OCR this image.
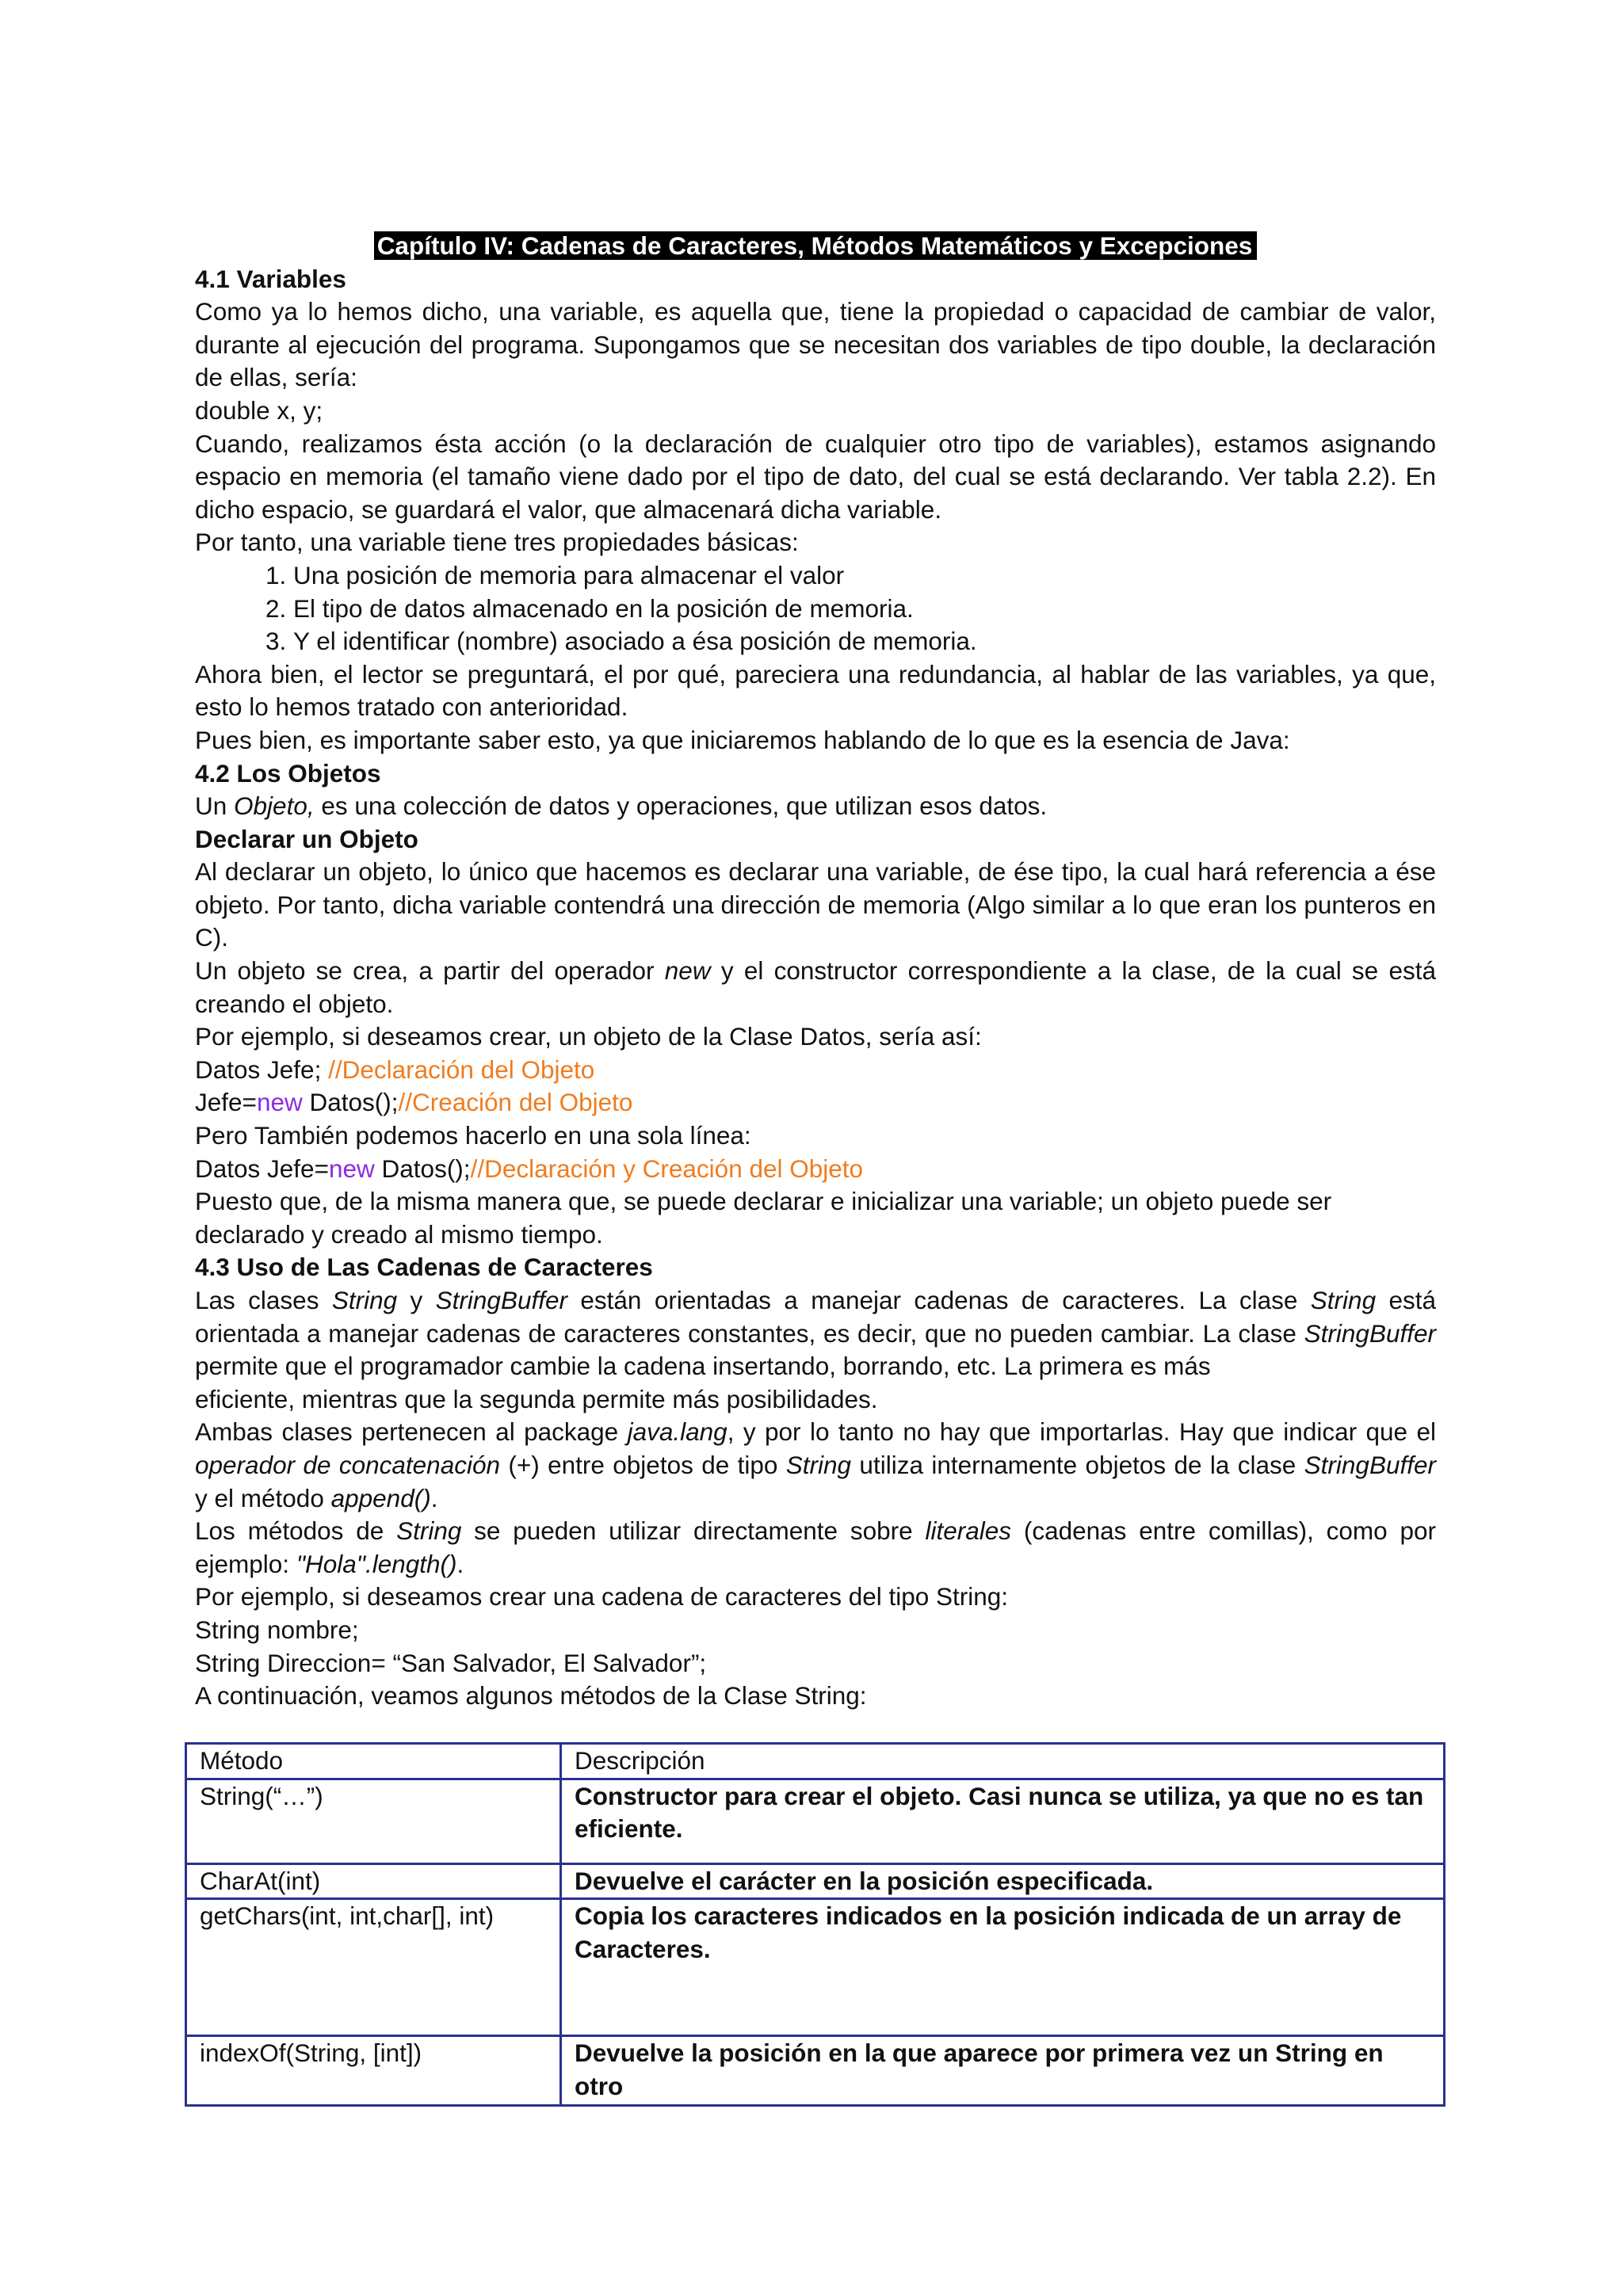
Capítulo IV: Cadenas de Caracteres, Métodos Matemáticos y Excepciones

4.1 Variables

Como ya lo hemos dicho, una variable, es aquella que, tiene la propiedad o capacidad de cambiar de valor, durante al ejecución del programa. Supongamos que se necesitan dos variables de tipo double, la declaración de ellas, sería:

double x, y;

Cuando, realizamos ésta acción (o la declaración de cualquier otro tipo de variables), estamos asignando espacio en memoria (el tamaño viene dado por el tipo de dato, del cual se está declarando. Ver tabla 2.2). En dicho espacio, se guardará el valor, que almacenará dicha variable.

Por tanto, una variable tiene tres propiedades básicas:

1. Una posición de memoria para almacenar el valor
2. El tipo de datos almacenado en la posición de memoria.
3. Y el identificar (nombre) asociado a ésa posición de memoria.

Ahora bien, el lector se preguntará, el por qué, pareciera una redundancia, al hablar de las variables, ya que, esto lo hemos tratado con anterioridad.

Pues bien, es importante saber esto, ya que iniciaremos hablando de lo que es la esencia de Java:

4.2 Los Objetos

Un Objeto, es una colección de datos y operaciones, que utilizan esos datos.

Declarar un Objeto

Al declarar un objeto, lo único que hacemos es declarar una variable, de ése tipo, la cual hará referencia a ése objeto. Por tanto, dicha variable contendrá una dirección de memoria (Algo similar a lo que eran los punteros en C).

Un objeto se crea, a partir del operador new y el constructor correspondiente a la clase, de la cual se está creando el objeto.

Por ejemplo, si deseamos crear, un objeto de la Clase Datos, sería así:

Datos Jefe; //Declaración del Objeto

Jefe=new Datos();//Creación del Objeto

Pero También podemos hacerlo en una sola línea:

Datos Jefe=new Datos();//Declaración y Creación del Objeto

Puesto que, de la misma manera que, se puede declarar e inicializar una variable; un objeto puede ser declarado y creado al mismo tiempo.

4.3 Uso de Las Cadenas de Caracteres

Las clases String y StringBuffer están orientadas a manejar cadenas de caracteres. La clase String está orientada a manejar cadenas de caracteres constantes, es decir, que no pueden cambiar. La clase StringBuffer permite que el programador cambie la cadena insertando, borrando, etc. La primera es más

eficiente, mientras que la segunda permite más posibilidades.

Ambas clases pertenecen al package java.lang, y por lo tanto no hay que importarlas. Hay que indicar que el operador de concatenación (+) entre objetos de tipo String utiliza internamente objetos de la clase StringBuffer y el método append().

Los métodos de String se pueden utilizar directamente sobre literales (cadenas entre comillas), como por ejemplo: "Hola".length().

Por ejemplo, si deseamos crear una cadena de caracteres del tipo String:

String nombre;

String Direccion= “San Salvador, El Salvador”;

A continuación, veamos algunos métodos de la Clase String:

Método	Descripción
String(“…”)	Constructor para crear el objeto. Casi nunca se utiliza, ya que no es tan eficiente.
CharAt(int)	Devuelve el carácter en la posición especificada.
getChars(int, int,char[], int)	Copia los caracteres indicados en la posición indicada de un array de
Caracteres.

indexOf(String, [int])	Devuelve la posición en la que aparece por primera vez un String en otro
